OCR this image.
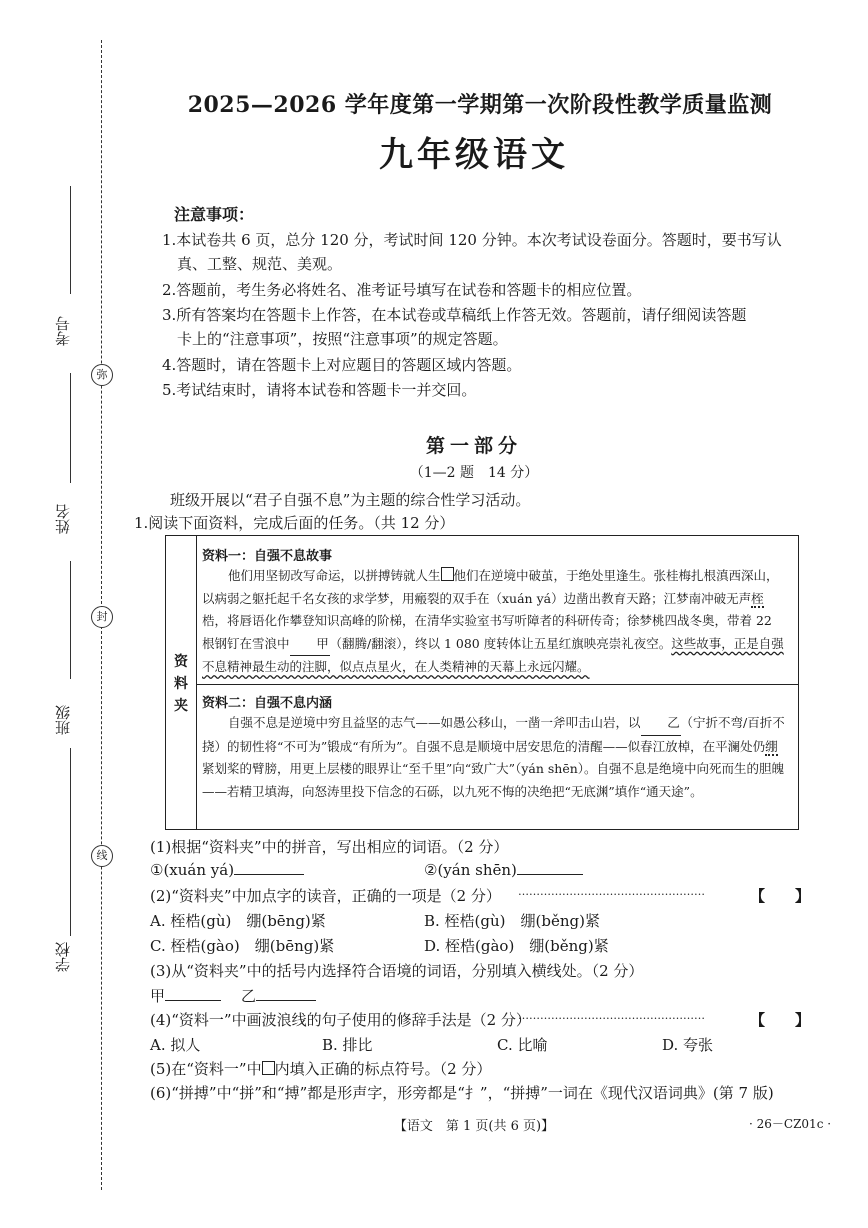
弥
封
线
考号
姓名
班级
学校
2025—2026 学年度第一学期第一次阶段性教学质量监测
九年级语文
注意事项：
1.本试卷共 6 页，总分 120 分，考试时间 120 分钟。本次考试设卷面分。答题时，要书写认
真、工整、规范、美观。
2.答题前，考生务必将姓名、准考证号填写在试卷和答题卡的相应位置。
3.所有答案均在答题卡上作答，在本试卷或草稿纸上作答无效。答题前，请仔细阅读答题
卡上的“注意事项”，按照“注意事项”的规定答题。
4.答题时，请在答题卡上对应题目的答题区域内答题。
5.考试结束时，请将本试卷和答题卡一并交回。
第一部分
（1—2 题　14 分）
班级开展以“君子自强不息”为主题的综合性学习活动。
1.阅读下面资料，完成后面的任务。（共 12 分）
资料夹
资料一：自强不息故事
他们用坚韧改写命运，以拼搏铸就人生 他们在逆境中破茧，于绝处里逢生。张桂梅扎根滇西深山，以病弱之躯托起千名女孩的求学梦，用瘢裂的双手在（xuán yá）边凿出教育天路；江梦南冲破无声桎梏，将唇语化作攀登知识高峰的阶梯，在清华实验室书写听障者的科研传奇；徐梦桃四战冬奥，带着 22 根钢钉在雪浪中 甲（翻腾/翻滚），终以 1 080 度转体让五星红旗映亮崇礼夜空。这些故事，正是自强不息精神最生动的注脚，似点点星火，在人类精神的天幕上永远闪耀。
资料二：自强不息内涵
自强不息是逆境中穷且益坚的志气——如愚公移山，一凿一斧叩击山岩，以 乙（宁折不弯/百折不挠）的韧性将“不可为”锻成“有所为”。自强不息是顺境中居安思危的清醒——似春江放棹，在平澜处仍绷紧划桨的臂膀，用更上层楼的眼界让“至千里”向“致广大”（yán shēn）。自强不息是绝境中向死而生的胆魄——若精卫填海，向怒涛里投下信念的石砾，以九死不悔的决绝把“无底渊”填作“通天途”。
(1)根据“资料夹”中的拼音，写出相应的词语。（2 分）
①(xuán yá)	②(yán shēn)
(2)“资料夹”中加点字的读音，正确的一项是（2 分） ……………………………………………	【　　】
A. 桎梏(gù)　绷(bēng)紧	B. 桎梏(gù)　绷(běng)紧
C. 桎梏(gào)　绷(bēng)紧	D. 桎梏(gào)　绷(běng)紧
(3)从“资料夹”中的括号内选择符合语境的词语，分别填入横线处。（2 分）
甲	乙
(4)“资料一”中画波浪线的句子使用的修辞手法是（2 分）
……………………………………………	【　　】
A. 拟人	B. 排比	C. 比喻	D. 夸张
(5)在“资料一”中 内填入正确的标点符号。（2 分）
(6)“拼搏”中“拼”和“搏”都是形声字，形旁都是“扌”，“拼搏”一词在《现代汉语词典》(第 7 版)
【语文　第 1 页(共 6 页)】	· 26－CZ01c ·
